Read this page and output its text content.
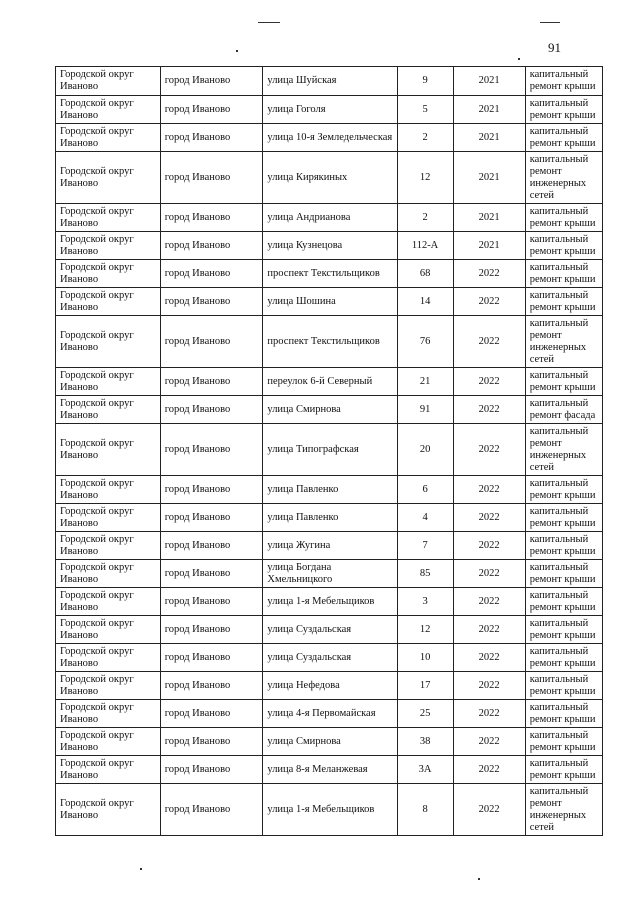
91
Городской округ Иваново	город Иваново	улица Шуйская	9	2021	капитальный ремонт крыши
Городской округ Иваново	город Иваново	улица Гоголя	5	2021	капитальный ремонт крыши
Городской округ Иваново	город Иваново	улица 10-я Земледельческая	2	2021	капитальный ремонт крыши
Городской округ Иваново	город Иваново	улица Кирякиных	12	2021	капитальный ремонт инженерных сетей
Городской округ Иваново	город Иваново	улица Андрианова	2	2021	капитальный ремонт крыши
Городской округ Иваново	город Иваново	улица Кузнецова	112-А	2021	капитальный ремонт крыши
Городской округ Иваново	город Иваново	проспект Текстильщиков	68	2022	капитальный ремонт крыши
Городской округ Иваново	город Иваново	улица Шошина	14	2022	капитальный ремонт крыши
Городской округ Иваново	город Иваново	проспект Текстильщиков	76	2022	капитальный ремонт инженерных сетей
Городской округ Иваново	город Иваново	переулок 6-й Северный	21	2022	капитальный ремонт крыши
Городской округ Иваново	город Иваново	улица Смирнова	91	2022	капитальный ремонт фасада
Городской округ Иваново	город Иваново	улица Типографская	20	2022	капитальный ремонт инженерных сетей
Городской округ Иваново	город Иваново	улица Павленко	6	2022	капитальный ремонт крыши
Городской округ Иваново	город Иваново	улица Павленко	4	2022	капитальный ремонт крыши
Городской округ Иваново	город Иваново	улица Жугина	7	2022	капитальный ремонт крыши
Городской округ Иваново	город Иваново	улица Богдана Хмельницкого	85	2022	капитальный ремонт крыши
Городской округ Иваново	город Иваново	улица 1-я Мебельщиков	3	2022	капитальный ремонт крыши
Городской округ Иваново	город Иваново	улица Суздальская	12	2022	капитальный ремонт крыши
Городской округ Иваново	город Иваново	улица Суздальская	10	2022	капитальный ремонт крыши
Городской округ Иваново	город Иваново	улица Нефедова	17	2022	капитальный ремонт крыши
Городской округ Иваново	город Иваново	улица 4-я Первомайская	25	2022	капитальный ремонт крыши
Городской округ Иваново	город Иваново	улица Смирнова	38	2022	капитальный ремонт крыши
Городской округ Иваново	город Иваново	улица 8-я Меланжевая	3А	2022	капитальный ремонт крыши
Городской округ Иваново	город Иваново	улица 1-я Мебельщиков	8	2022	капитальный ремонт инженерных сетей
